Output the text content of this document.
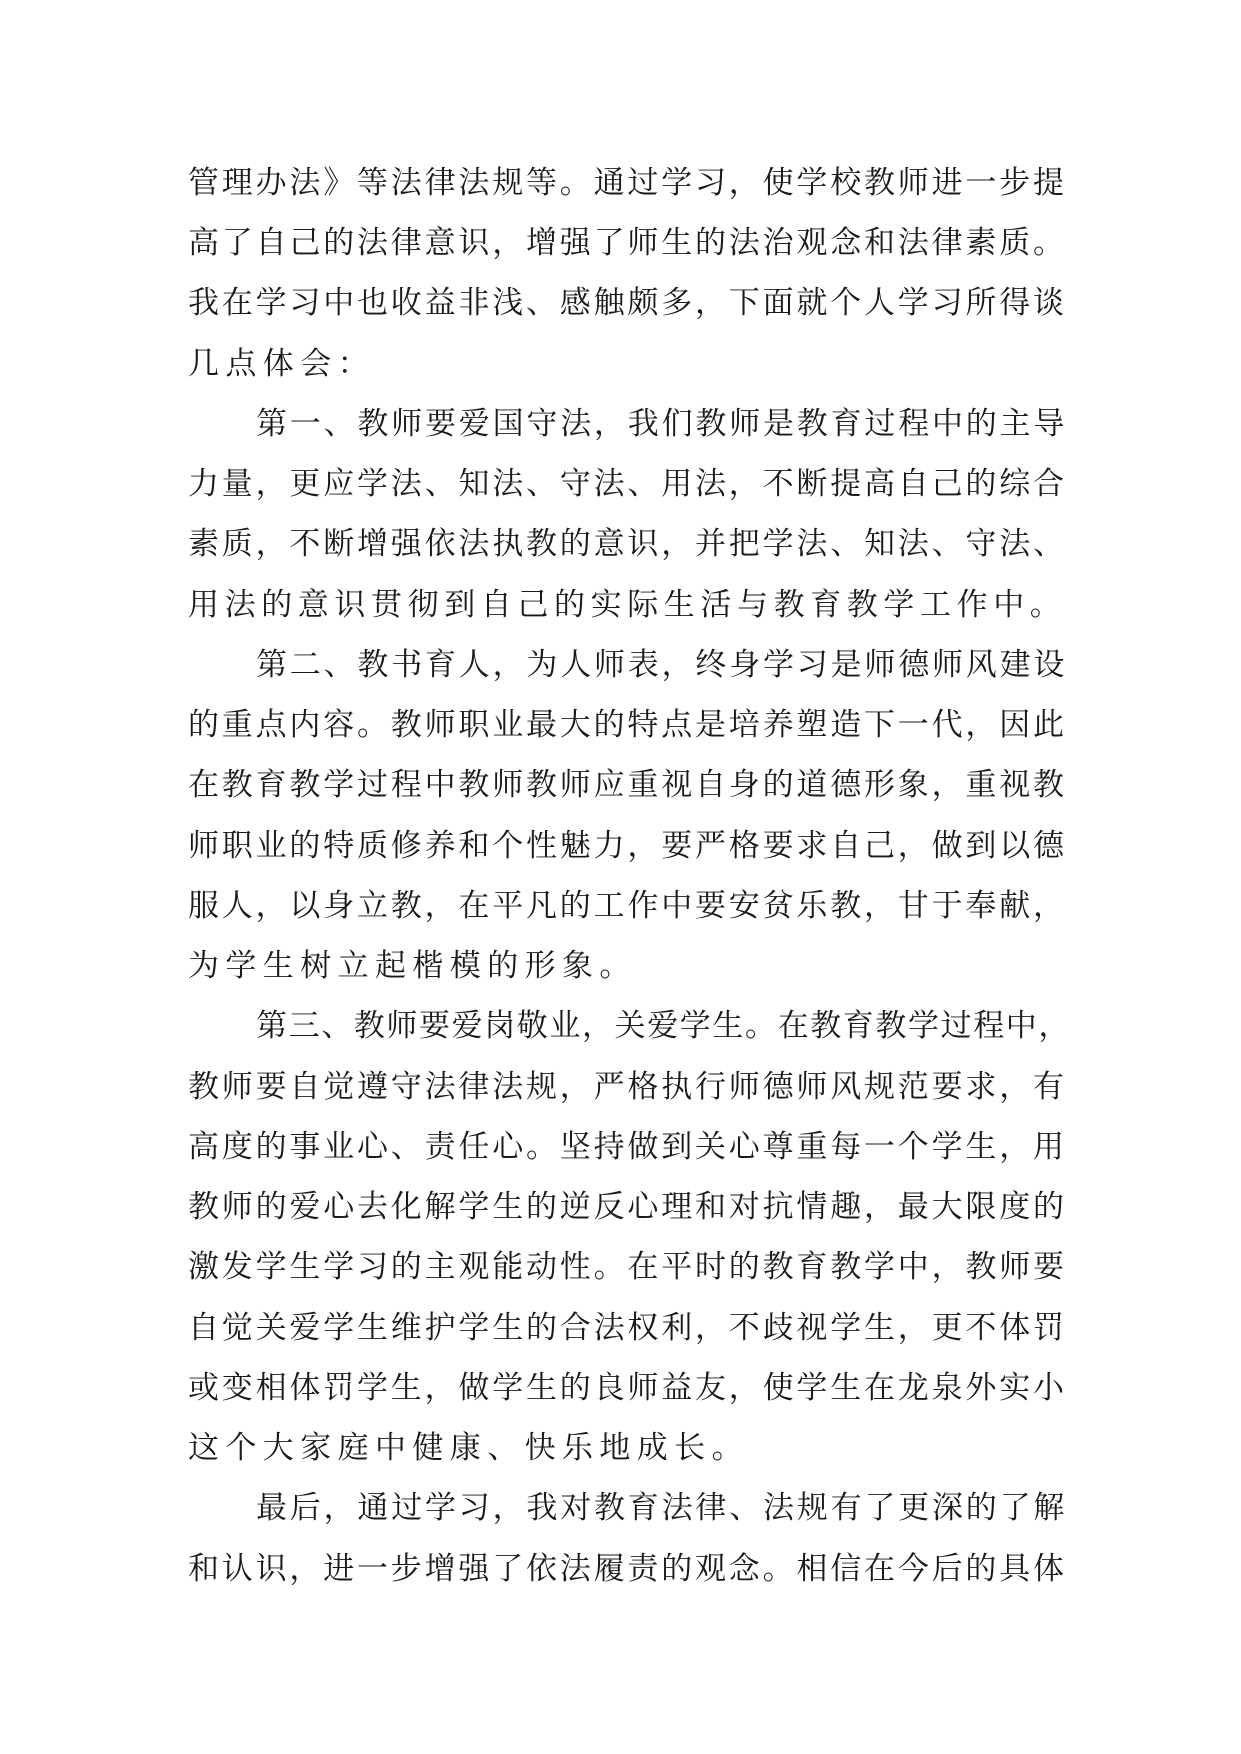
管理办法》等法律法规等。通过学习，使学校教师进一步提
高了自己的法律意识，增强了师生的法治观念和法律素质。
我在学习中也收益非浅、感触颇多，下面就个人学习所得谈
几点体会：
第一、教师要爱国守法，我们教师是教育过程中的主导
力量，更应学法、知法、守法、用法，不断提高自己的综合
素质，不断增强依法执教的意识，并把学法、知法、守法、
用法的意识贯彻到自己的实际生活与教育教学工作中。
第二、教书育人，为人师表，终身学习是师德师风建设
的重点内容。教师职业最大的特点是培养塑造下一代，因此
在教育教学过程中教师教师应重视自身的道德形象，重视教
师职业的特质修养和个性魅力，要严格要求自己，做到以德
服人，以身立教，在平凡的工作中要安贫乐教，甘于奉献，
为学生树立起楷模的形象。
第三、教师要爱岗敬业，关爱学生。在教育教学过程中，
教师要自觉遵守法律法规，严格执行师德师风规范要求，有
高度的事业心、责任心。坚持做到关心尊重每一个学生，用
教师的爱心去化解学生的逆反心理和对抗情趣，最大限度的
激发学生学习的主观能动性。在平时的教育教学中，教师要
自觉关爱学生维护学生的合法权利，不歧视学生，更不体罚
或变相体罚学生，做学生的良师益友，使学生在龙泉外实小
这个大家庭中健康、快乐地成长。
最后，通过学习，我对教育法律、法规有了更深的了解
和认识，进一步增强了依法履责的观念。相信在今后的具体
